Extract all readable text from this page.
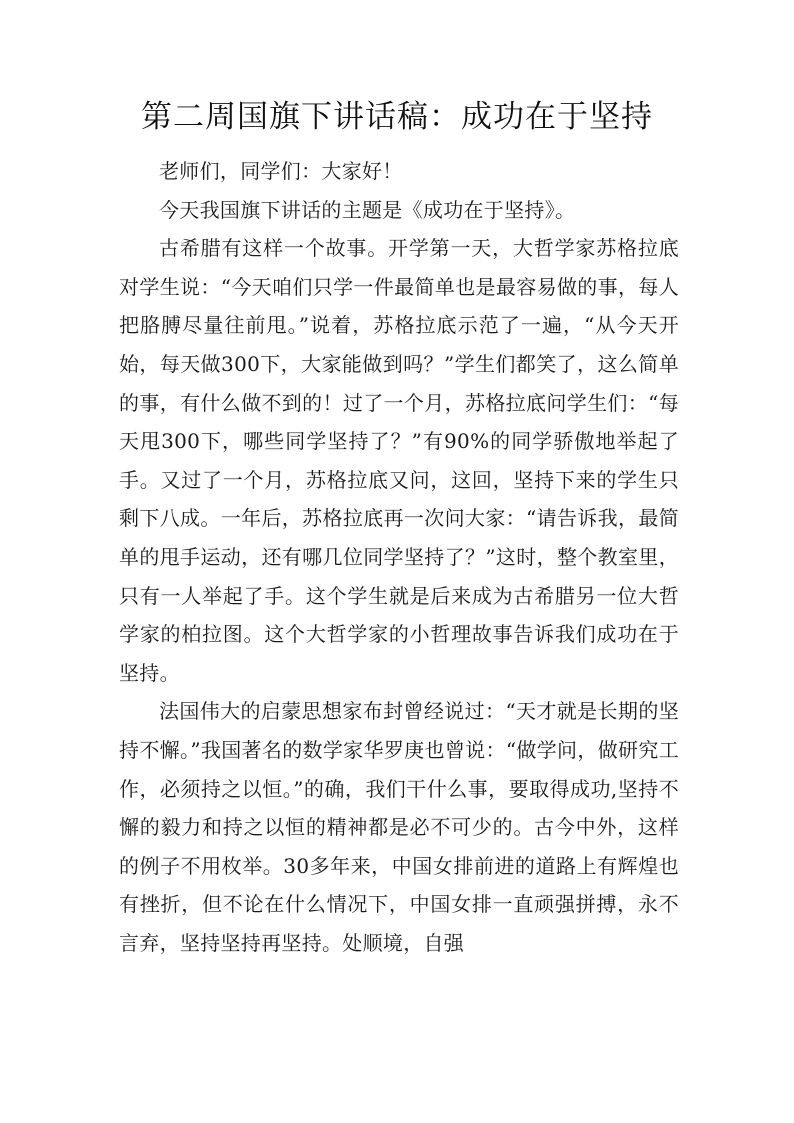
第二周国旗下讲话稿：成功在于坚持

老师们，同学们：大家好！

今天我国旗下讲话的主题是《成功在于坚持》。

古希腊有这样一个故事。开学第一天，大哲学家苏格拉底对学生说：“今天咱们只学一件最简单也是最容易做的事，每人把胳膊尽量往前甩。”说着，苏格拉底示范了一遍，“从今天开始，每天做300下，大家能做到吗？”学生们都笑了，这么简单的事，有什么做不到的！过了一个月，苏格拉底问学生们：“每天甩300下，哪些同学坚持了？”有90%的同学骄傲地举起了手。又过了一个月，苏格拉底又问，这回，坚持下来的学生只剩下八成。一年后，苏格拉底再一次问大家：“请告诉我，最简单的甩手运动，还有哪几位同学坚持了？”这时，整个教室里，只有一人举起了手。这个学生就是后来成为古希腊另一位大哲学家的柏拉图。这个大哲学家的小哲理故事告诉我们成功在于坚持。

法国伟大的启蒙思想家布封曾经说过：“天才就是长期的坚持不懈。”我国著名的数学家华罗庚也曾说：“做学问，做研究工作，必须持之以恒。”的确，我们干什么事，要取得成功,坚持不懈的毅力和持之以恒的精神都是必不可少的。古今中外，这样的例子不用枚举。30多年来，中国女排前进的道路上有辉煌也有挫折，但不论在什么情况下，中国女排一直顽强拼搏，永不言弃，坚持坚持再坚持。处顺境，自强
